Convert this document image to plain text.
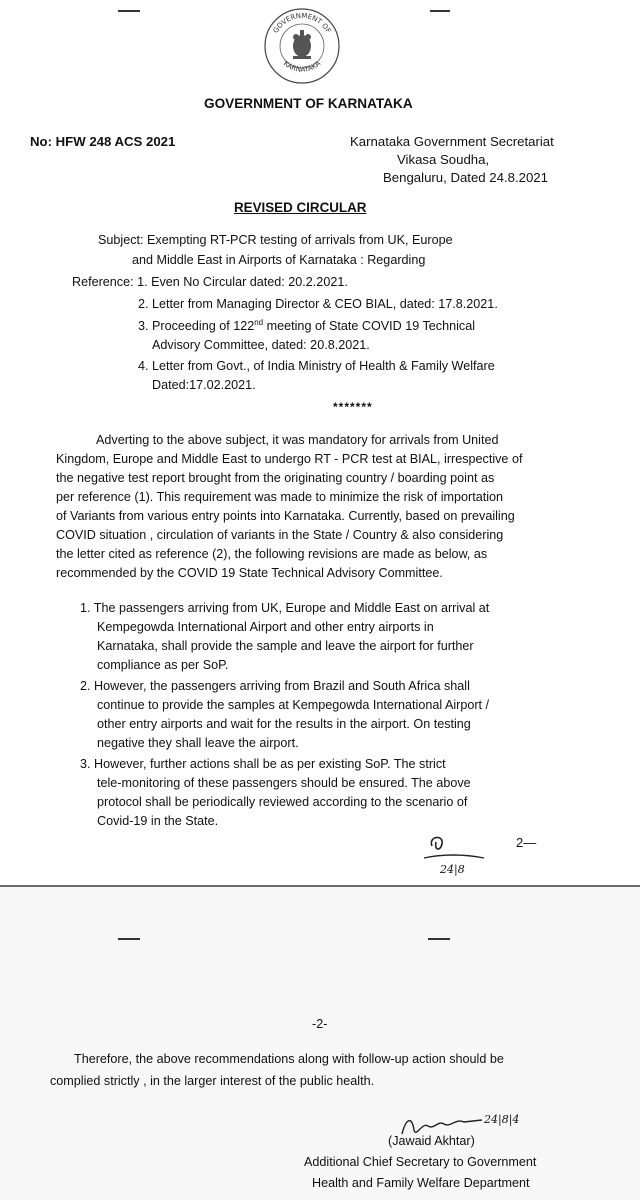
GOVERNMENT OF
KARNATAKA
GOVERNMENT OF KARNATAKA
No: HFW 248 ACS 2021	Karnataka Government Secretariat
Vikasa Soudha,
Bengaluru, Dated 24.8.2021
REVISED CIRCULAR
Subject: Exempting RT-PCR testing of arrivals from UK, Europe
and Middle East in Airports of Karnataka : Regarding
Reference: 1. Even No Circular dated: 20.2.2021.
2. Letter from Managing Director & CEO BIAL, dated: 17.8.2021.
3. Proceeding of 122nd meeting of State COVID 19 Technical
Advisory Committee, dated: 20.8.2021.
4. Letter from Govt., of India Ministry of Health & Family Welfare
Dated:17.02.2021.
*******
Adverting to the above subject, it was mandatory for arrivals from United
Kingdom, Europe and Middle East to undergo RT - PCR test at BIAL, irrespective of
the negative test report brought from the originating country / boarding point as
per reference (1). This requirement was made to minimize the risk of importation
of Variants from various entry points into Karnataka. Currently, based on prevailing
COVID situation , circulation of variants in the State / Country & also considering
the letter cited as reference (2), the following revisions are made as below, as
recommended by the COVID 19 State Technical Advisory Committee.
1. The passengers arriving from UK, Europe and Middle East on arrival at
Kempegowda International Airport and other entry airports in
Karnataka, shall provide the sample and leave the airport for further
compliance as per SoP.
2. However, the passengers arriving from Brazil and South Africa shall
continue to provide the samples at Kempegowda International Airport /
other entry airports and wait for the results in the airport. On testing
negative they shall leave the airport.
3. However, further actions shall be as per existing SoP. The strict
tele-monitoring of these passengers should be ensured. The above
protocol shall be periodically reviewed according to the scenario of
Covid-19 in the State.
24|8
2—
-2-
Therefore, the above recommendations along with follow-up action should be
complied strictly , in the larger interest of the public health.
24|8|4
(Jawaid Akhtar)
Additional Chief Secretary to Government
Health and Family Welfare Department
